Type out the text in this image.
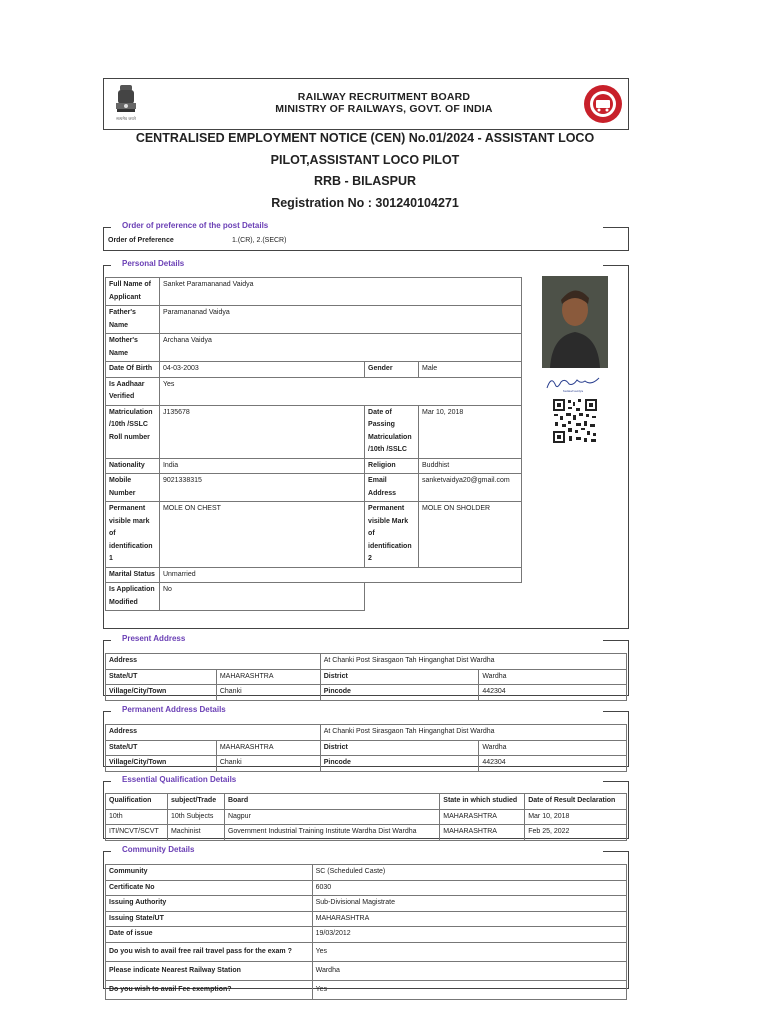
सत्यमेव जयते
RAILWAY RECRUITMENT BOARD
MINISTRY OF RAILWAYS, GOVT. OF INDIA
CENTRALISED EMPLOYMENT NOTICE (CEN) No.01/2024 - ASSISTANT LOCO
PILOT,ASSISTANT LOCO PILOT
RRB - BILASPUR
Registration No : 301240104271
Order of preference of the post Details
Order of Preference	1.(CR), 2.(SECR)
Personal Details
Full Name of Applicant	Sanket Paramananad Vaidya		
Father's Name	Paramananad Vaidya		
Mother's Name	Archana Vaidya		
Date Of Birth	04-03-2003	Gender	Male
Is Aadhaar Verified	Yes		
Matriculation /10th /SSLC Roll number	J135678	Date of Passing Matriculation /10th /SSLC	Mar 10, 2018
Nationality	India	Religion	Buddhist
Mobile Number	9021338315	Email Address	sanketvaidya20@gmail.com
Permanent visible mark of identification 1	MOLE ON CHEST	Permanent visible Mark of identification 2	MOLE ON SHOLDER
Marital Status	Unmarried		
Is Application Modified	No		
Sanketvaidya
Present Address
Address		At Chanki Post Sirasgaon Tah Hinganghat Dist Wardha	
State/UT	MAHARASHTRA	District	Wardha
Village/City/Town	Chanki	Pincode	442304
Permanent Address Details
Address		At Chanki Post Sirasgaon Tah Hinganghat Dist Wardha	
State/UT	MAHARASHTRA	District	Wardha
Village/City/Town	Chanki	Pincode	442304
Essential Qualification Details
Qualification	subject/Trade	Board	State in which studied	Date of Result Declaration
10th	10th Subjects	Nagpur	MAHARASHTRA	Mar 10, 2018
ITI/NCVT/SCVT	Machinist	Government Industrial Training Institute Wardha Dist Wardha	MAHARASHTRA	Feb 25, 2022
Community Details
Community	SC (Scheduled Caste)
Certificate No	6030
Issuing Authority	Sub-Divisional Magistrate
Issuing State/UT	MAHARASHTRA
Date of issue	19/03/2012
Do you wish to avail free rail travel pass for the exam ?	Yes
Please indicate Nearest Railway Station	Wardha
Do you wish to avail Fee exemption?	Yes
